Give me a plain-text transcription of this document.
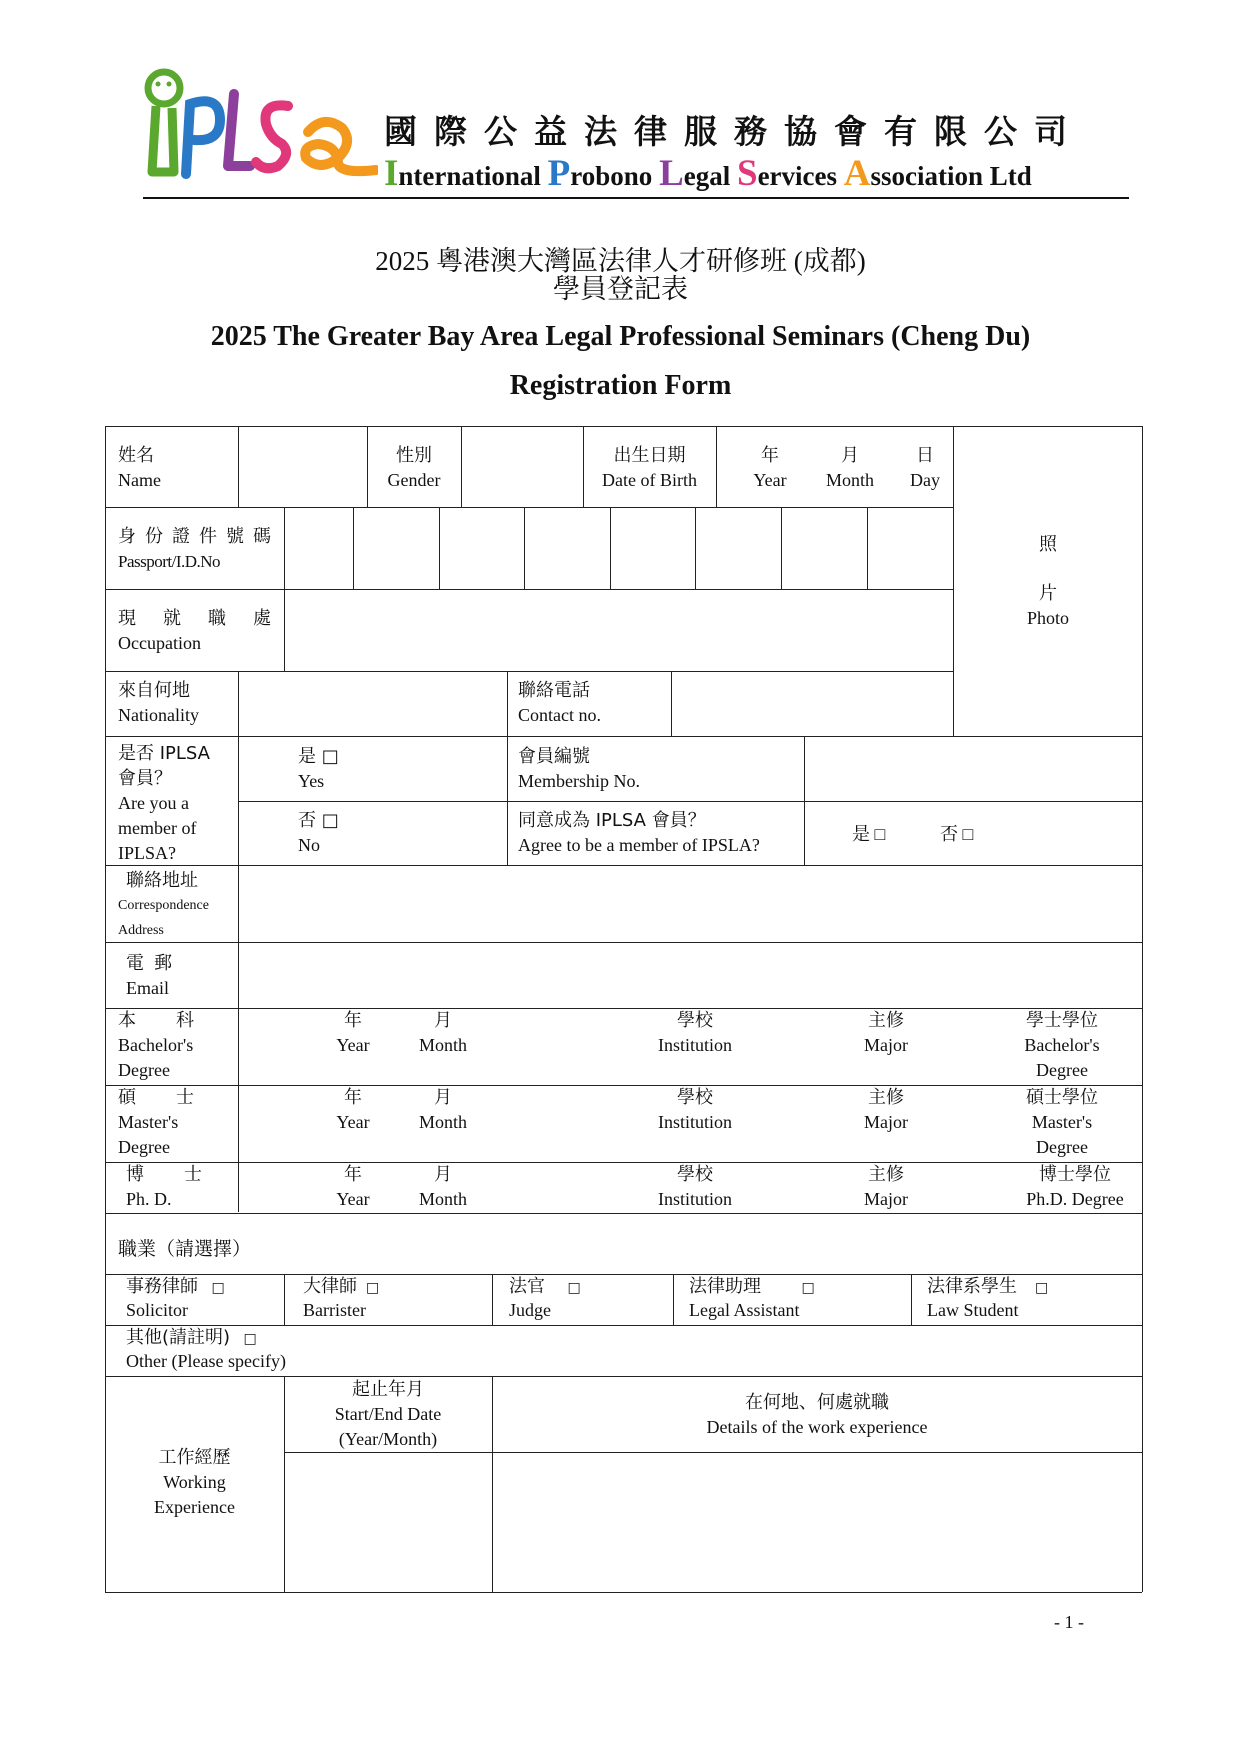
國際公益法律服務協會有限公司
International Probono Legal Services Association Ltd
2025 粵港澳大灣區法律人才研修班 (成都)
學員登記表
2025 The Greater Bay Area Legal Professional Seminars (Cheng Du)
Registration Form
姓名
Name
性別
Gender
出生日期
Date of Birth
年
Year
月
Month
日
Day
照
片
Photo
身份證件號碼
Passport/I.D.No
現就職處
Occupation
來自何地
Nationality
聯絡電話
Contact no.
是否 IPLSA
會員？
Are you a
member of
IPLSA?
是 □
Yes
會員編號
Membership No.
否 □
No
同意成為 IPLSA 會員？
Agree to be a member of IPSLA?
是 □	否 □
聯絡地址
Correspondence
Address
電郵
Email
本科
Bachelor's
Degree
年
Year
月
Month
學校
Institution
主修
Major
學士學位
Bachelor's
Degree
碩士
Master's
Degree
年
Year
月
Month
學校
Institution
主修
Major
碩士學位
Master's
Degree
博士
Ph. D.
年
Year
月
Month
學校
Institution
主修
Major
博士學位
Ph.D. Degree
職業（請選擇）
事務律師 □
Solicitor
大律師 □
Barrister
法官 □
Judge
法律助理	□
Legal Assistant
法律系學生 □
Law Student
其他(請註明) □
Other (Please specify)
工作經歷
Working
Experience
起止年月
Start/End Date
(Year/Month)
在何地、何處就職
Details of the work experience
- 1 -
